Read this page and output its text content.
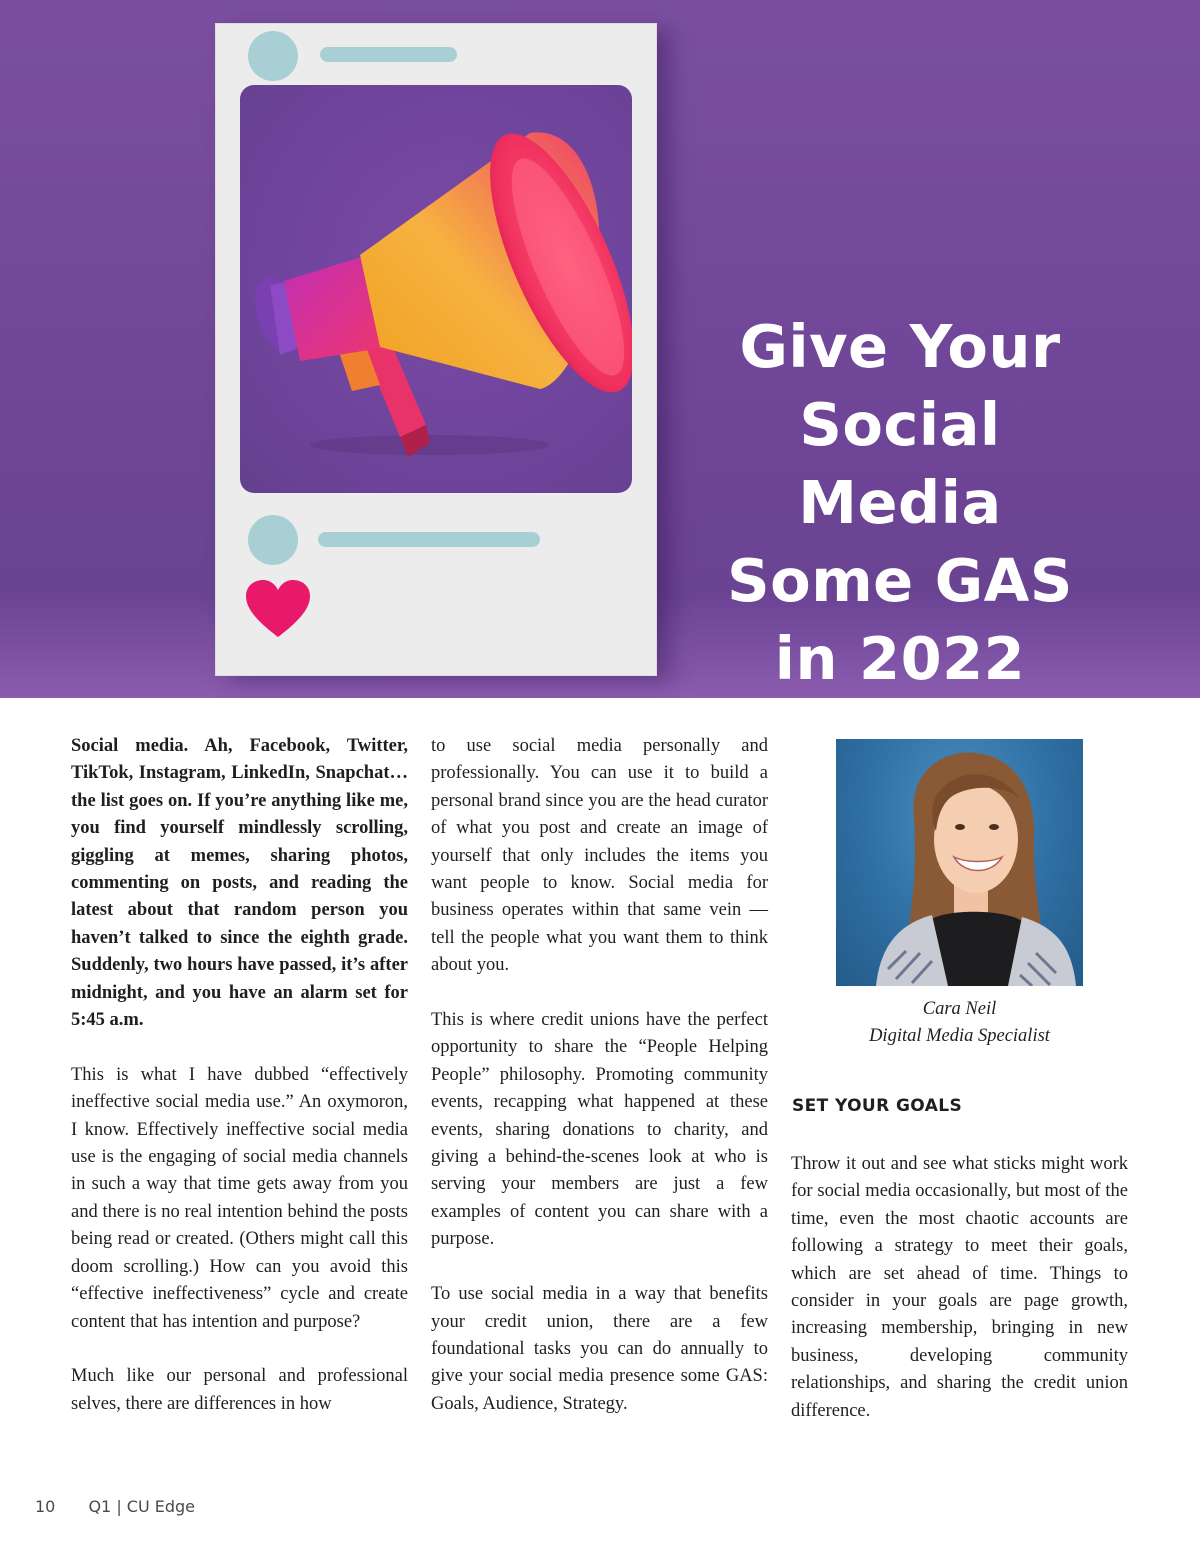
Give Your
Social Media
Some GAS
in 2022

Social media. Ah, Facebook, Twitter, TikTok, Instagram, LinkedIn, Snapchat…the list goes on. If you’re anything like me, you find yourself mindlessly scrolling, giggling at memes, sharing photos, commenting on posts, and reading the latest about that random person you haven’t talked to since the eighth grade. Suddenly, two hours have passed, it’s after midnight, and you have an alarm set for 5:45 a.m.

This is what I have dubbed “effectively ineffective social media use.” An oxymoron, I know. Effectively ineffective social media use is the engaging of social media channels in such a way that time gets away from you and there is no real intention behind the posts being read or created. (Others might call this doom scrolling.) How can you avoid this “effective ineffectiveness” cycle and create content that has intention and purpose?

Much like our personal and professional selves, there are differences in how

to use social media personally and professionally. You can use it to build a personal brand since you are the head curator of what you post and create an image of yourself that only includes the items you want people to know. Social media for business operates within that same vein — tell the people what you want them to think about you.

This is where credit unions have the perfect opportunity to share the “People Helping People” philosophy. Promoting community events, recapping what happened at these events, sharing donations to charity, and giving a behind-the-scenes look at who is serving your members are just a few examples of content you can share with a purpose.

To use social media in a way that benefits your credit union, there are a few foundational tasks you can do annually to give your social media presence some GAS: Goals, Audience, Strategy.

Cara Neil
Digital Media Specialist
SET YOUR GOALS

Throw it out and see what sticks might work for social media occasionally, but most of the time, even the most chaotic accounts are following a strategy to meet their goals, which are set ahead of time. Things to consider in your goals are page growth, increasing membership, bringing in new business, developing community relationships, and sharing the credit union difference.

10 Q1 | CU Edge
